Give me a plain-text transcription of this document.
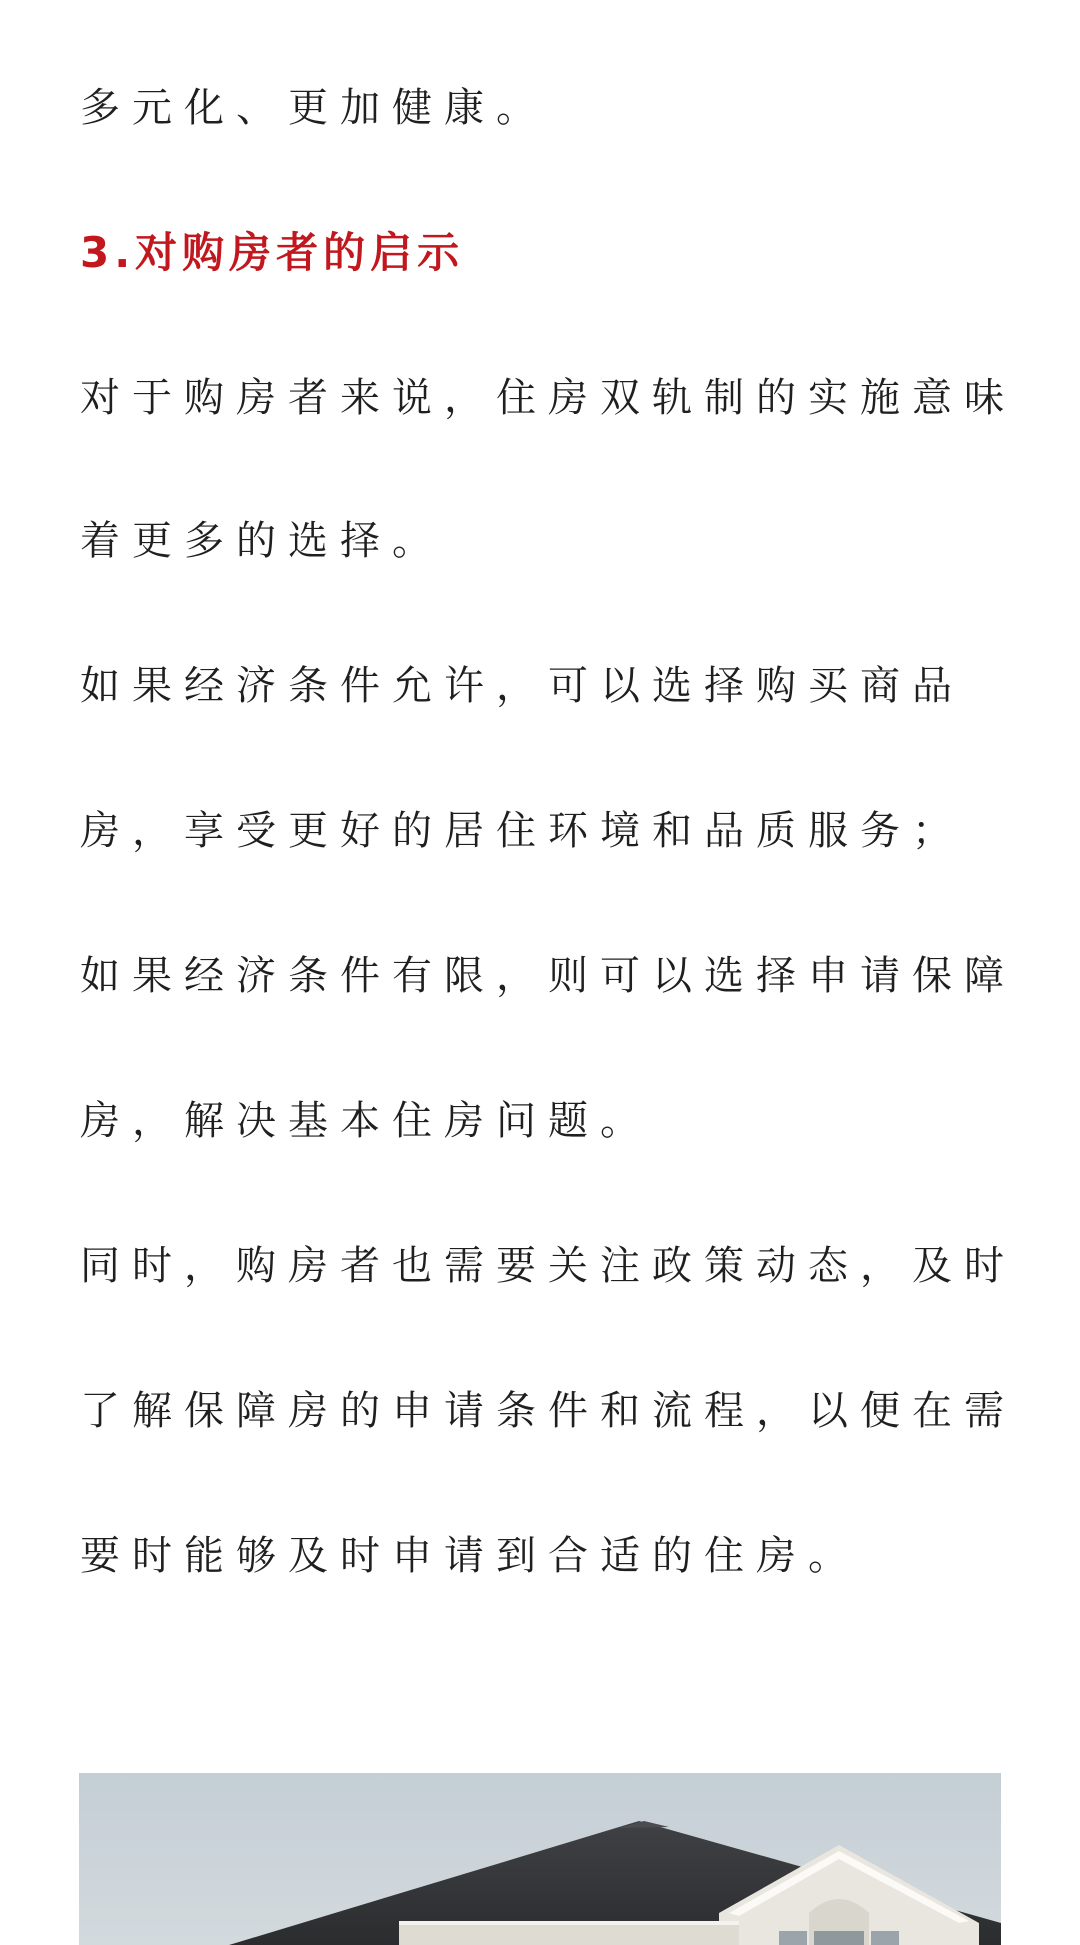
多元化、更加健康。
3.对购房者的启示
对于购房者来说，住房双轨制的实施意味
着更多的选择。
如果经济条件允许，可以选择购买商品
房，享受更好的居住环境和品质服务；
如果经济条件有限，则可以选择申请保障
房，解决基本住房问题。
同时，购房者也需要关注政策动态，及时
了解保障房的申请条件和流程，以便在需
要时能够及时申请到合适的住房。
